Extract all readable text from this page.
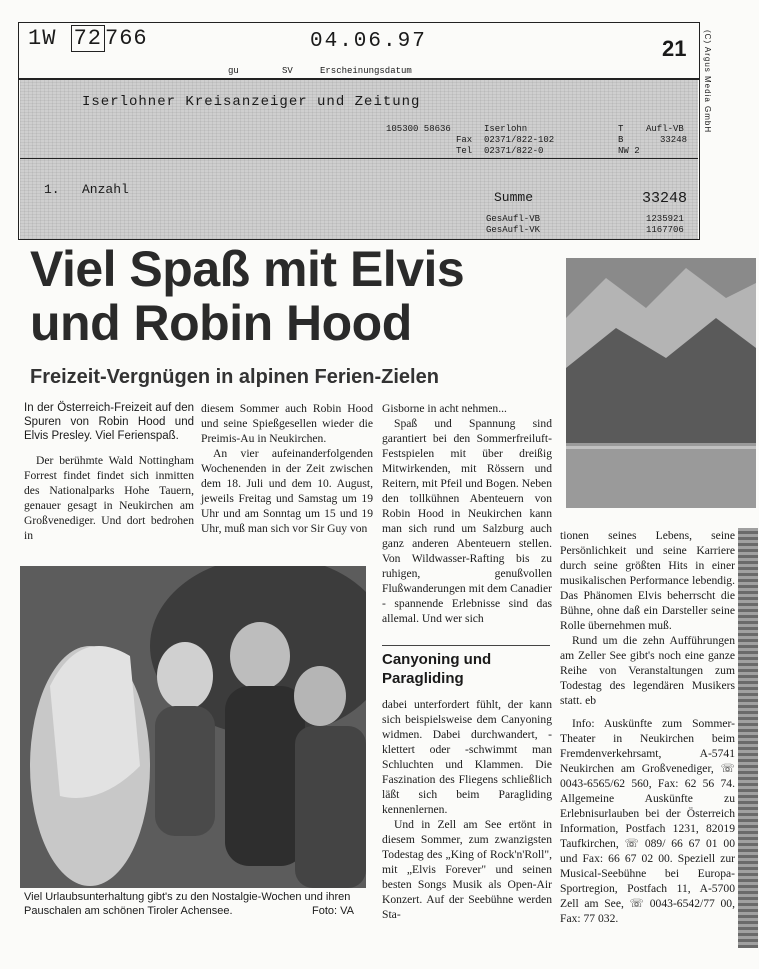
1W 72 766	04.06.97	21 (C) Argus Media GmbH
gu	SV	Erscheinungsdatum
Iserlohner Kreisanzeiger und Zeitung
105300 58636	Iserlohn
Fax 02371/822-102
Tel 02371/822-0
T	Aufl-VB
B	33248
NW 2
1. Anzahl
Summe	33248
GesAufl-VB	1235921
GesAufl-VK	1167706
Viel Spaß mit Elvis
und Robin Hood
Freizeit-Vergnügen in alpinen Ferien-Zielen

In der Österreich-Freizeit auf den Spuren von Robin Hood und Elvis Presley. Viel Ferienspaß.

Der berühmte Wald Nottingham Forrest findet findet sich inmitten des Nationalparks Hohe Tauern, genauer gesagt in Neukirchen am Großvenediger. Und dort bedrohen in

diesem Sommer auch Robin Hood und seine Spießgesellen wieder die Preimis-Au in Neukirchen.

An vier aufeinanderfolgenden Wochenenden in der Zeit zwischen dem 18. Juli und dem 10. August, jeweils Freitag und Samstag um 19 Uhr und am Sonntag um 15 und 19 Uhr, muß man sich vor Sir Guy von

Gisborne in acht nehmen...

Spaß und Spannung sind garantiert bei den Sommerfreiluft-Festspielen mit über dreißig Mitwirkenden, mit Rössern und Reitern, mit Pfeil und Bogen. Neben den tollkühnen Abenteuern von Robin Hood in Neukirchen kann man sich rund um Salzburg auch ganz anderen Abenteuern stellen. Von Wildwasser-Rafting bis zu ruhigen, genußvollen Flußwanderungen mit dem Canadier - spannende Erlebnisse sind das allemal. Und wer sich

Canyoning und Paragliding

dabei unterfordert fühlt, der kann sich beispielsweise dem Canyoning widmen. Dabei durchwandert, -klettert oder -schwimmt man Schluchten und Klammen. Die Faszination des Fliegens schließlich läßt sich beim Paragliding kennenlernen.

Und in Zell am See ertönt in diesem Sommer, zum zwanzigsten Todestag des „King of Rock'n'Roll", mit „Elvis Forever" und seinen besten Songs Musik als Open-Air Konzert. Auf der Seebühne werden Sta-

tionen seines Lebens, seine Persönlichkeit und seine Karriere durch seine größten Hits in einer musikalischen Performance lebendig. Das Phänomen Elvis beherrscht die Bühne, ohne daß ein Darsteller seine Rolle übernehmen muß.

Rund um die zehn Aufführungen am Zeller See gibt's noch eine ganze Reihe von Veranstaltungen zum Todestag des legendären Musikers statt. eb

Info: Auskünfte zum Sommer-Theater in Neukirchen beim Fremdenverkehrsamt, A-5741 Neukirchen am Großvenediger, ☏ 0043-6565/62 560, Fax: 62 56 74. Allgemeine Auskünfte zu Erlebnisurlauben bei der Österreich Information, Postfach 1231, 82019 Taufkirchen, ☏ 089/ 66 67 01 00 und Fax: 66 67 02 00. Speziell zur Musical-Seebühne bei Europa-Sportregion, Postfach 11, A-5700 Zell am See, ☏ 0043-6542/77 00, Fax: 77 032.

Viel Urlaubsunterhaltung gibt's zu den Nostalgie-Wochen und ihren Pauschalen am schönen Tiroler Achensee.	Foto: VA
